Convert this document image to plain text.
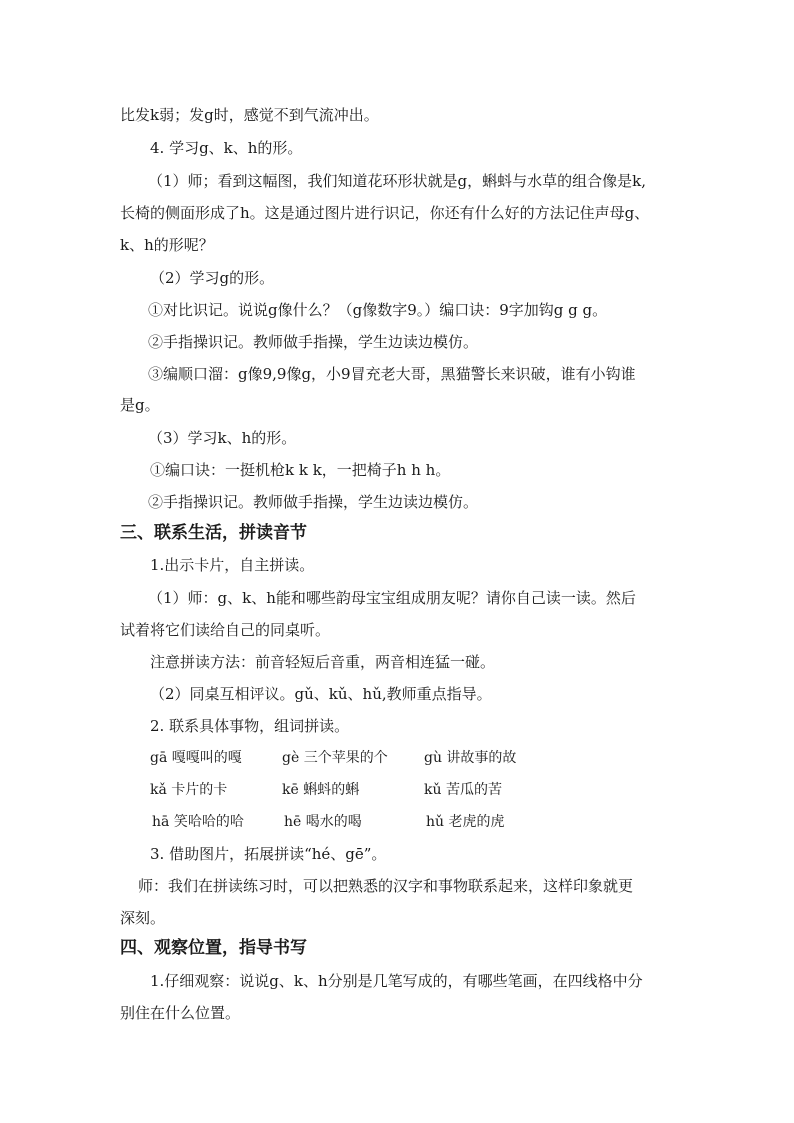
比发k弱；发g时，感觉不到气流冲出。
4. 学习g、k、h的形。
（1）师；看到这幅图，我们知道花环形状就是g，蝌蚪与水草的组合像是k,
长椅的侧面形成了h。这是通过图片进行识记，你还有什么好的方法记住声母g、
k、h的形呢？
（2）学习g的形。
①对比识记。说说g像什么？（g像数字9。）编口诀：9字加钩g g g。
②手指操识记。教师做手指操，学生边读边模仿。
③编顺口溜：g像9,9像g，小9冒充老大哥，黑猫警长来识破，谁有小钩谁
是g。
（3）学习k、h的形。
①编口诀：一挺机枪k k k，一把椅子h h h。
②手指操识记。教师做手指操，学生边读边模仿。
三、联系生活，拼读音节
1.出示卡片，自主拼读。
（1）师：g、k、h能和哪些韵母宝宝组成朋友呢？请你自己读一读。然后
试着将它们读给自己的同桌听。
注意拼读方法：前音轻短后音重，两音相连猛一碰。
（2）同桌互相评议。gǔ、kǔ、hǔ,教师重点指导。
2. 联系具体事物，组词拼读。
gā 嘎嘎叫的嘎	gè 三个苹果的个	gù 讲故事的故
kǎ 卡片的卡	kē 蝌蚪的蝌	kǔ 苦瓜的苦
hā 笑哈哈的哈	hē 喝水的喝	hǔ 老虎的虎
3. 借助图片，拓展拼读“hé、gē”。
师：我们在拼读练习时，可以把熟悉的汉字和事物联系起来，这样印象就更
深刻。
四、观察位置，指导书写
1.仔细观察：说说g、k、h分别是几笔写成的，有哪些笔画，在四线格中分
别住在什么位置。
